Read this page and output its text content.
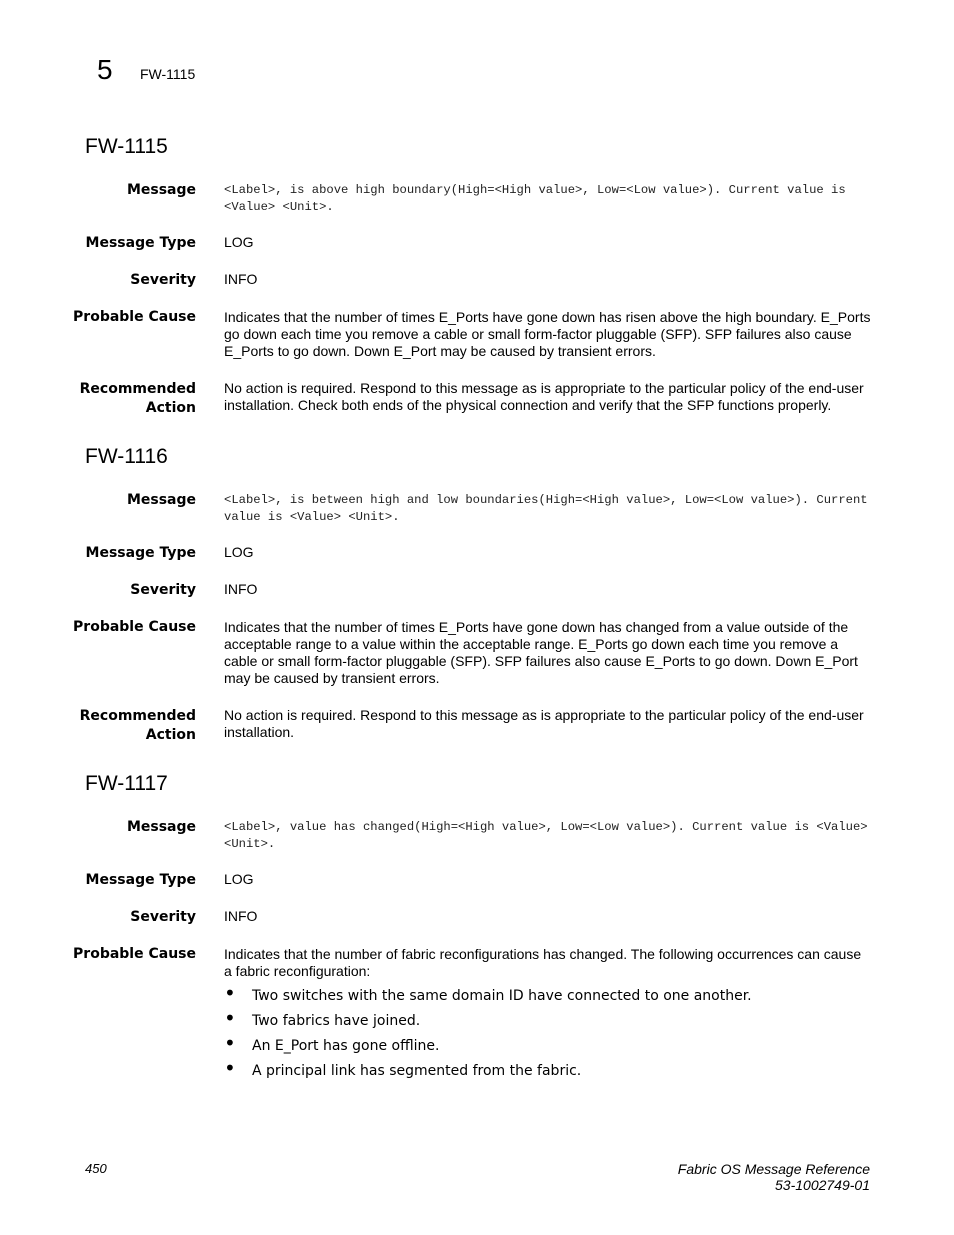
5 FW-1115
FW-1115
Message <Label>, is above high boundary(High=<High value>, Low=<Low value>). Current value is <Value> <Unit>.
Message Type LOG
Severity INFO
Probable Cause Indicates that the number of times E_Ports have gone down has risen above the high boundary. E_Ports go down each time you remove a cable or small form-factor pluggable (SFP). SFP failures also cause E_Ports to go down. Down E_Port may be caused by transient errors.
Recommended
Action
No action is required. Respond to this message as is appropriate to the particular policy of the end-user installation. Check both ends of the physical connection and verify that the SFP functions properly.
FW-1116
Message <Label>, is between high and low boundaries(High=<High value>, Low=<Low value>). Current value is <Value> <Unit>.
Message Type LOG
Severity INFO
Probable Cause Indicates that the number of times E_Ports have gone down has changed from a value outside of the acceptable range to a value within the acceptable range. E_Ports go down each time you remove a cable or small form-factor pluggable (SFP). SFP failures also cause E_Ports to go down. Down E_Port may be caused by transient errors.
Recommended
Action
No action is required. Respond to this message as is appropriate to the particular policy of the end-user installation.
FW-1117
Message <Label>, value has changed(High=<High value>, Low=<Low value>). Current value is <Value> <Unit>.
Message Type LOG
Severity INFO
Probable Cause Indicates that the number of fabric reconfigurations has changed. The following occurrences can cause a fabric reconfiguration:
• Two switches with the same domain ID have connected to one another.
• Two fabrics have joined.
• An E_Port has gone offline.
• A principal link has segmented from the fabric.
450	Fabric OS Message Reference
53-1002749-01
